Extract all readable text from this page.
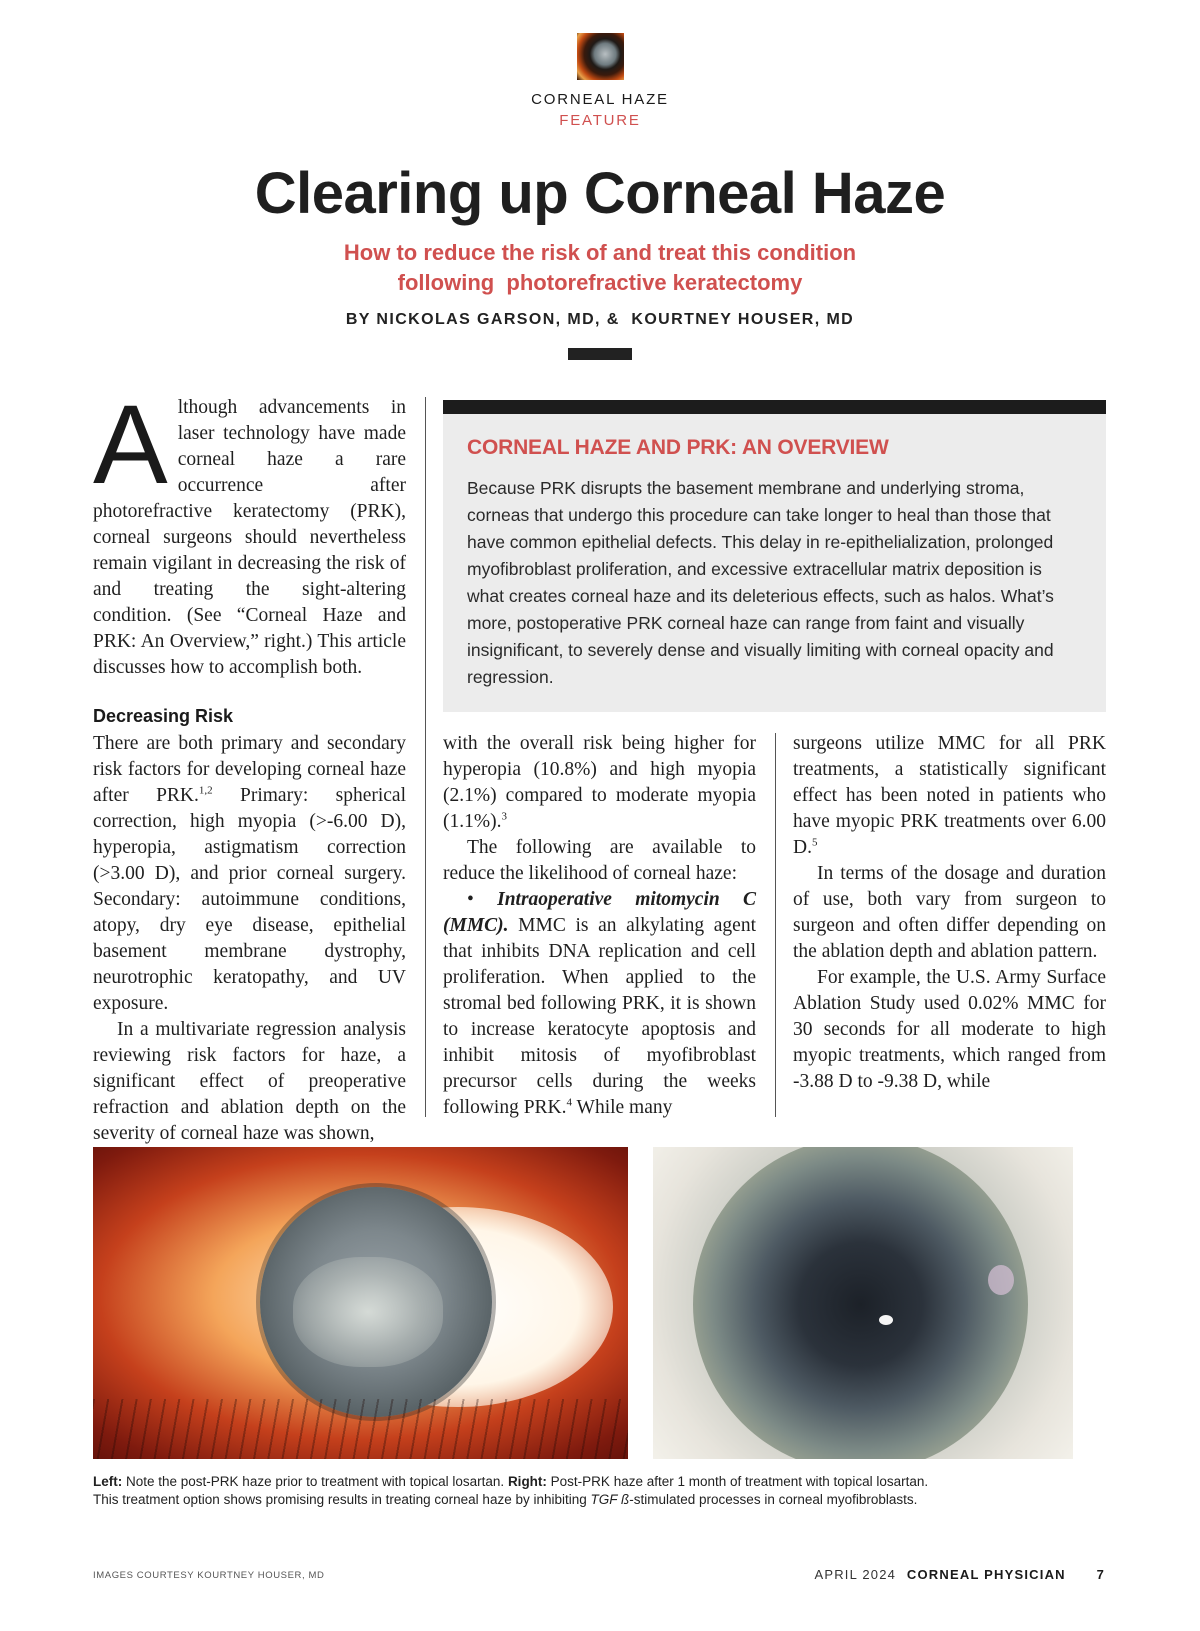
CORNEAL HAZE
FEATURE
Clearing up Corneal Haze
How to reduce the risk of and treat this condition
following  photorefractive keratectomy
BY NICKOLAS GARSON, MD, &  KOURTNEY HOUSER, MD
A lthough advancements in laser technology have made corneal haze a rare occurrence after photorefractive keratectomy (PRK), corneal surgeons should nevertheless remain vigilant in decreasing the risk of and treating the sight-altering condition. (See “Corneal Haze and PRK: An Overview,” right.) This article discusses how to accomplish both.
CORNEAL HAZE AND PRK: AN OVERVIEW
Because PRK disrupts the basement membrane and underlying stroma, corneas that undergo this procedure can take longer to heal than those that have common epithelial defects. This delay in re-epithelialization, prolonged myofibroblast proliferation, and excessive extracellular matrix deposition is what creates corneal haze and its deleterious effects, such as halos. What’s more, postoperative PRK corneal haze can range from faint and visually insignificant, to severely dense and visually limiting with corneal opacity and regression.
Decreasing Risk

There are both primary and secondary risk factors for developing corneal haze after PRK.$^{1,2}$ Primary: spherical correction, high myopia (>-6.00 D), hyperopia, astigmatism correction (>3.00 D), and prior corneal surgery. Secondary: autoimmune conditions, atopy, dry eye disease, epithelial basement membrane dystrophy, neurotrophic keratopathy, and UV exposure.

In a multivariate regression analysis reviewing risk factors for haze, a significant effect of preoperative refraction and ablation depth on the severity of corneal haze was shown,

with the overall risk being higher for hyperopia (10.8%) and high myopia (2.1%) compared to moderate myopia (1.1%).$^3$

The following are available to reduce the likelihood of corneal haze:

• Intraoperative mitomycin C (MMC). MMC is an alkylating agent that inhibits DNA replication and cell proliferation. When applied to the stromal bed following PRK, it is shown to increase keratocyte apoptosis and inhibit mitosis of myofibroblast precursor cells during the weeks following PRK.$^4$ While many

surgeons utilize MMC for all PRK treatments, a statistically significant effect has been noted in patients who have myopic PRK treatments over 6.00 D.$^5$

In terms of the dosage and duration of use, both vary from surgeon to surgeon and often differ depending on the ablation depth and ablation pattern.

For example, the U.S. Army Surface Ablation Study used 0.02% MMC for 30 seconds for all moderate to high myopic treatments, which ranged from -3.88 D to -9.38 D, while

Left: Note the post-PRK haze prior to treatment with topical losartan. Right: Post-PRK haze after 1 month of treatment with topical losartan.
This treatment option shows promising results in treating corneal haze by inhibiting TGF ß-stimulated processes in corneal myofibroblasts.
IMAGES COURTESY KOURTNEY HOUSER, MD	APRIL 2024 CORNEAL PHYSICIAN 7
